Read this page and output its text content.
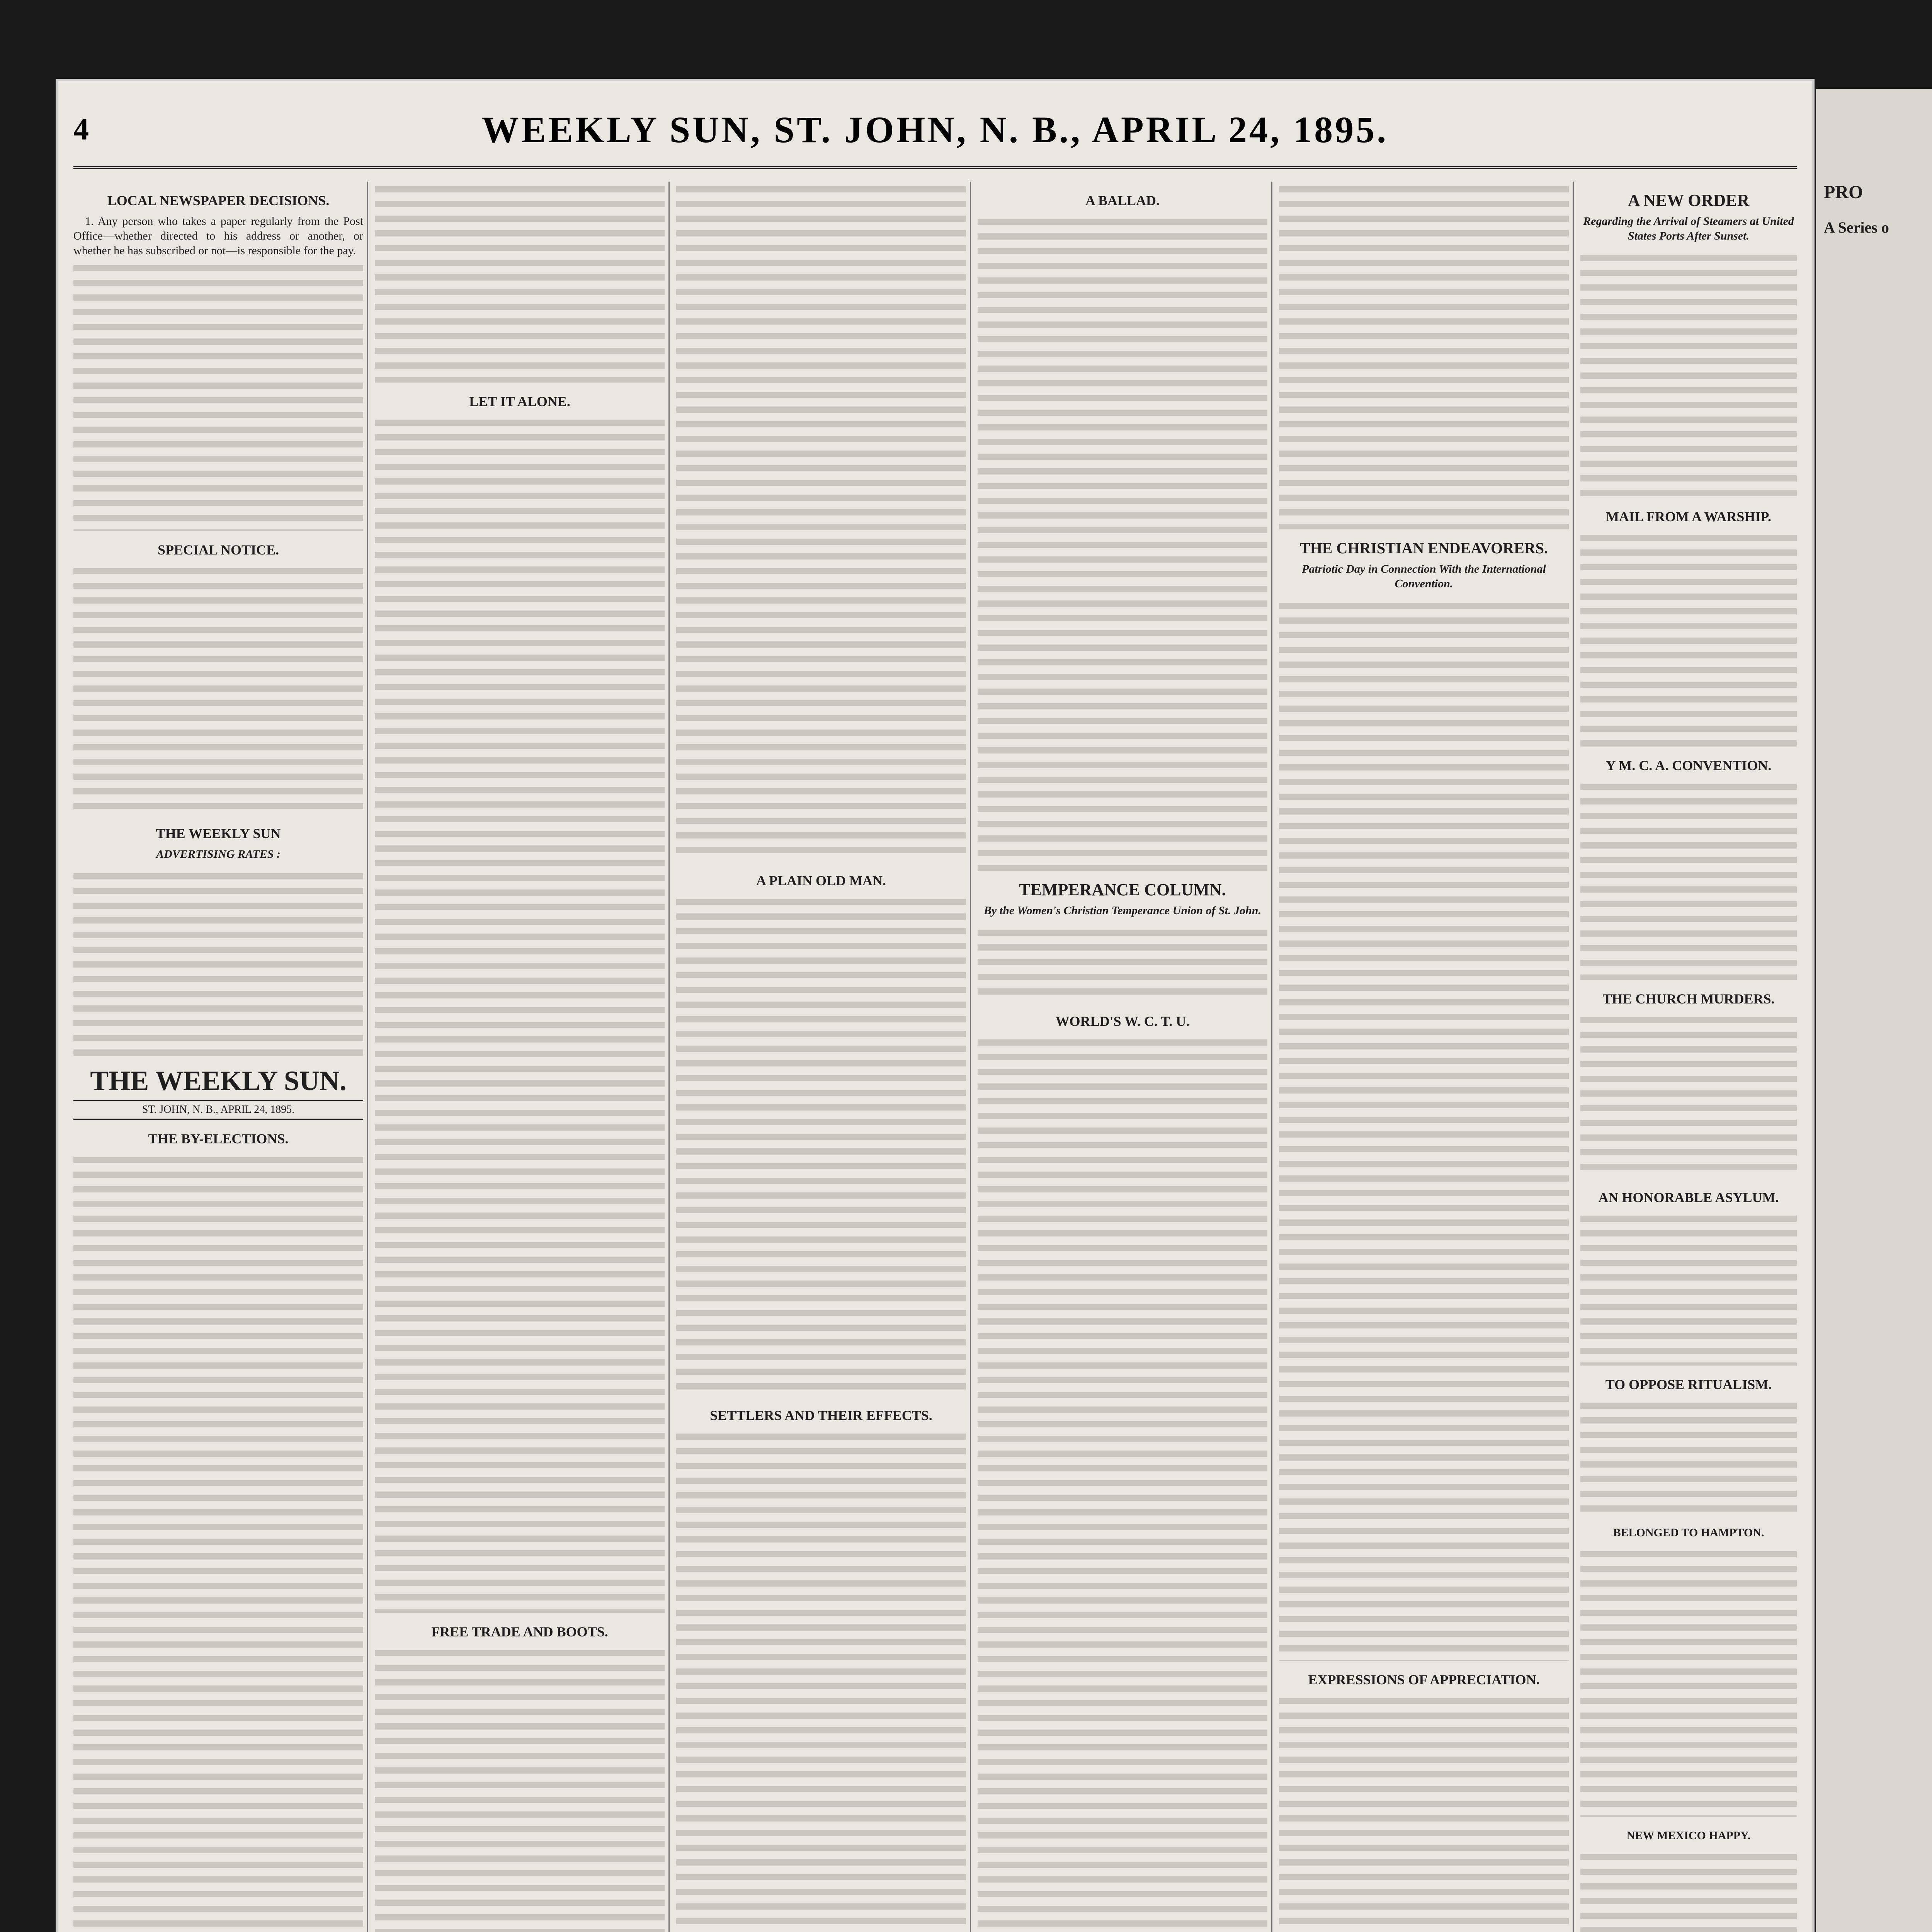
4	WEEKLY SUN, ST. JOHN, N. B., APRIL 24, 1895.
LOCAL NEWSPAPER DECISIONS.

1. Any person who takes a paper regularly from the Post Office—whether directed to his address or another, or whether he has subscribed or not—is responsible for the pay.

SPECIAL NOTICE.
THE WEEKLY SUN
ADVERTISING RATES :
THE WEEKLY SUN.
ST. JOHN, N. B., APRIL 24, 1895.
THE BY-ELECTIONS.
LET IT ALONE.
FREE TRADE AND BOOTS.
A PLAIN OLD MAN.
SETTLERS AND THEIR EFFECTS.
A BALLAD.
TEMPERANCE COLUMN.
By the Women's Christian Temperance Union of St. John.
WORLD'S W. C. T. U.
THE CHRISTIAN ENDEAVORERS.
Patriotic Day in Connection With the International Convention.
EXPRESSIONS OF APPRECIATION.
A NEW ORDER
Regarding the Arrival of Steamers at United States Ports After Sunset.
MAIL FROM A WARSHIP.
Y M. C. A. CONVENTION.
THE CHURCH MURDERS.
AN HONORABLE ASYLUM.
TO OPPOSE RITUALISM.
BELONGED TO HAMPTON.
NEW MEXICO HAPPY.
PRO
A Series o
